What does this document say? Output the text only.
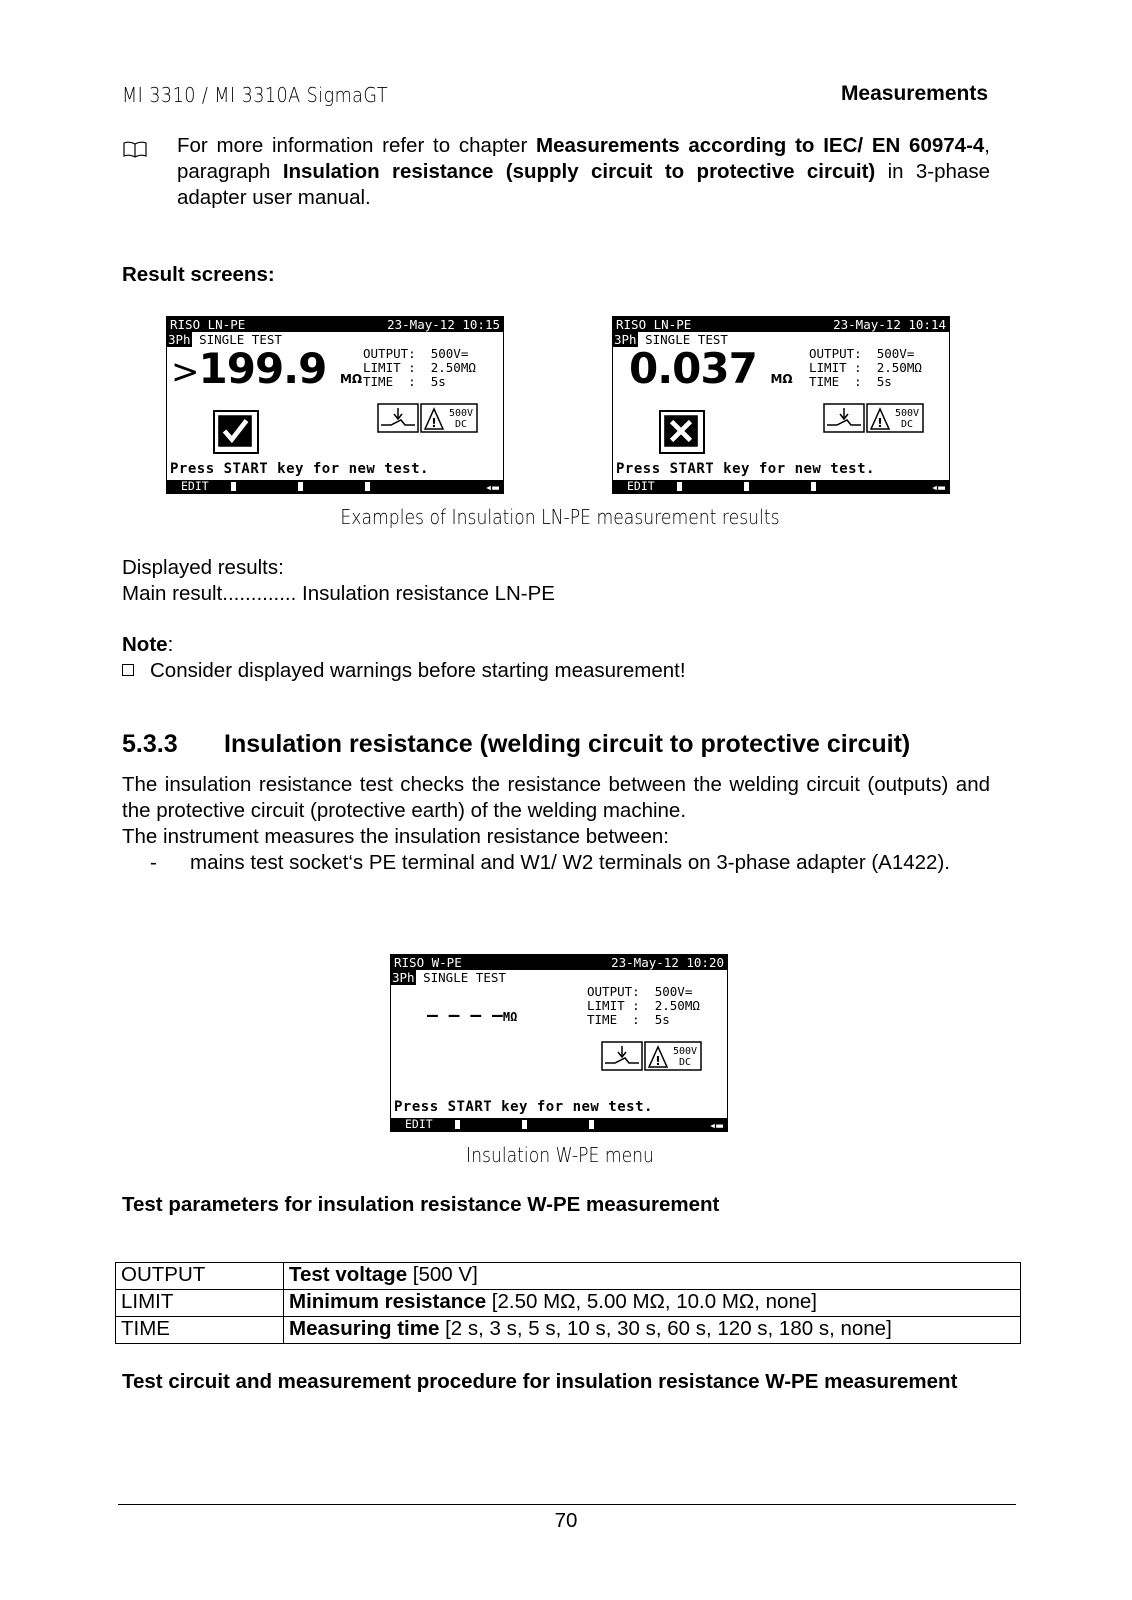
MI 3310 / MI 3310A SigmaGT	Measurements
For more information refer to chapter Measurements according to IEC/ EN 60974-4, paragraph Insulation resistance (supply circuit to protective circuit) in 3-phase adapter user manual.
Result screens:
RISO LN-PE	23-May-12 10:15
3Ph SINGLE TEST
>199.9 MΩ
OUTPUT:  500V=
LIMIT :  2.50MΩ
TIME  :  5s
!
500V
DC
Press START key for new test.
EDIT	◂▬
RISO LN-PE	23-May-12 10:14
3Ph SINGLE TEST
0.037 MΩ
OUTPUT:  500V=
LIMIT :  2.50MΩ
TIME  :  5s
!
500V
DC
Press START key for new test.
EDIT	◂▬
Examples of Insulation LN-PE measurement results
Displayed results:
Main result............. Insulation resistance LN-PE
Note:
Consider displayed warnings before starting measurement!
5.3.3 Insulation resistance (welding circuit to protective circuit)
The insulation resistance test checks the resistance between the welding circuit (outputs) and the protective circuit (protective earth) of the welding machine.
The instrument measures the insulation resistance between:
- mains test socket‘s PE terminal and W1/ W2 terminals on 3-phase adapter (A1422).
RISO W-PE	23-May-12 10:20
3Ph SINGLE TEST
— — — —MΩ
OUTPUT:  500V=
LIMIT :  2.50MΩ
TIME  :  5s
!
500V
DC
Press START key for new test.
EDIT	◂▬
Insulation W-PE menu
Test parameters for insulation resistance W-PE measurement
OUTPUT	Test voltage [500 V]
LIMIT	Minimum resistance [2.50 MΩ, 5.00 MΩ, 10.0 MΩ, none]
TIME	Measuring time [2 s, 3 s, 5 s, 10 s, 30 s, 60 s, 120 s, 180 s, none]
Test circuit and measurement procedure for insulation resistance W-PE measurement
70
